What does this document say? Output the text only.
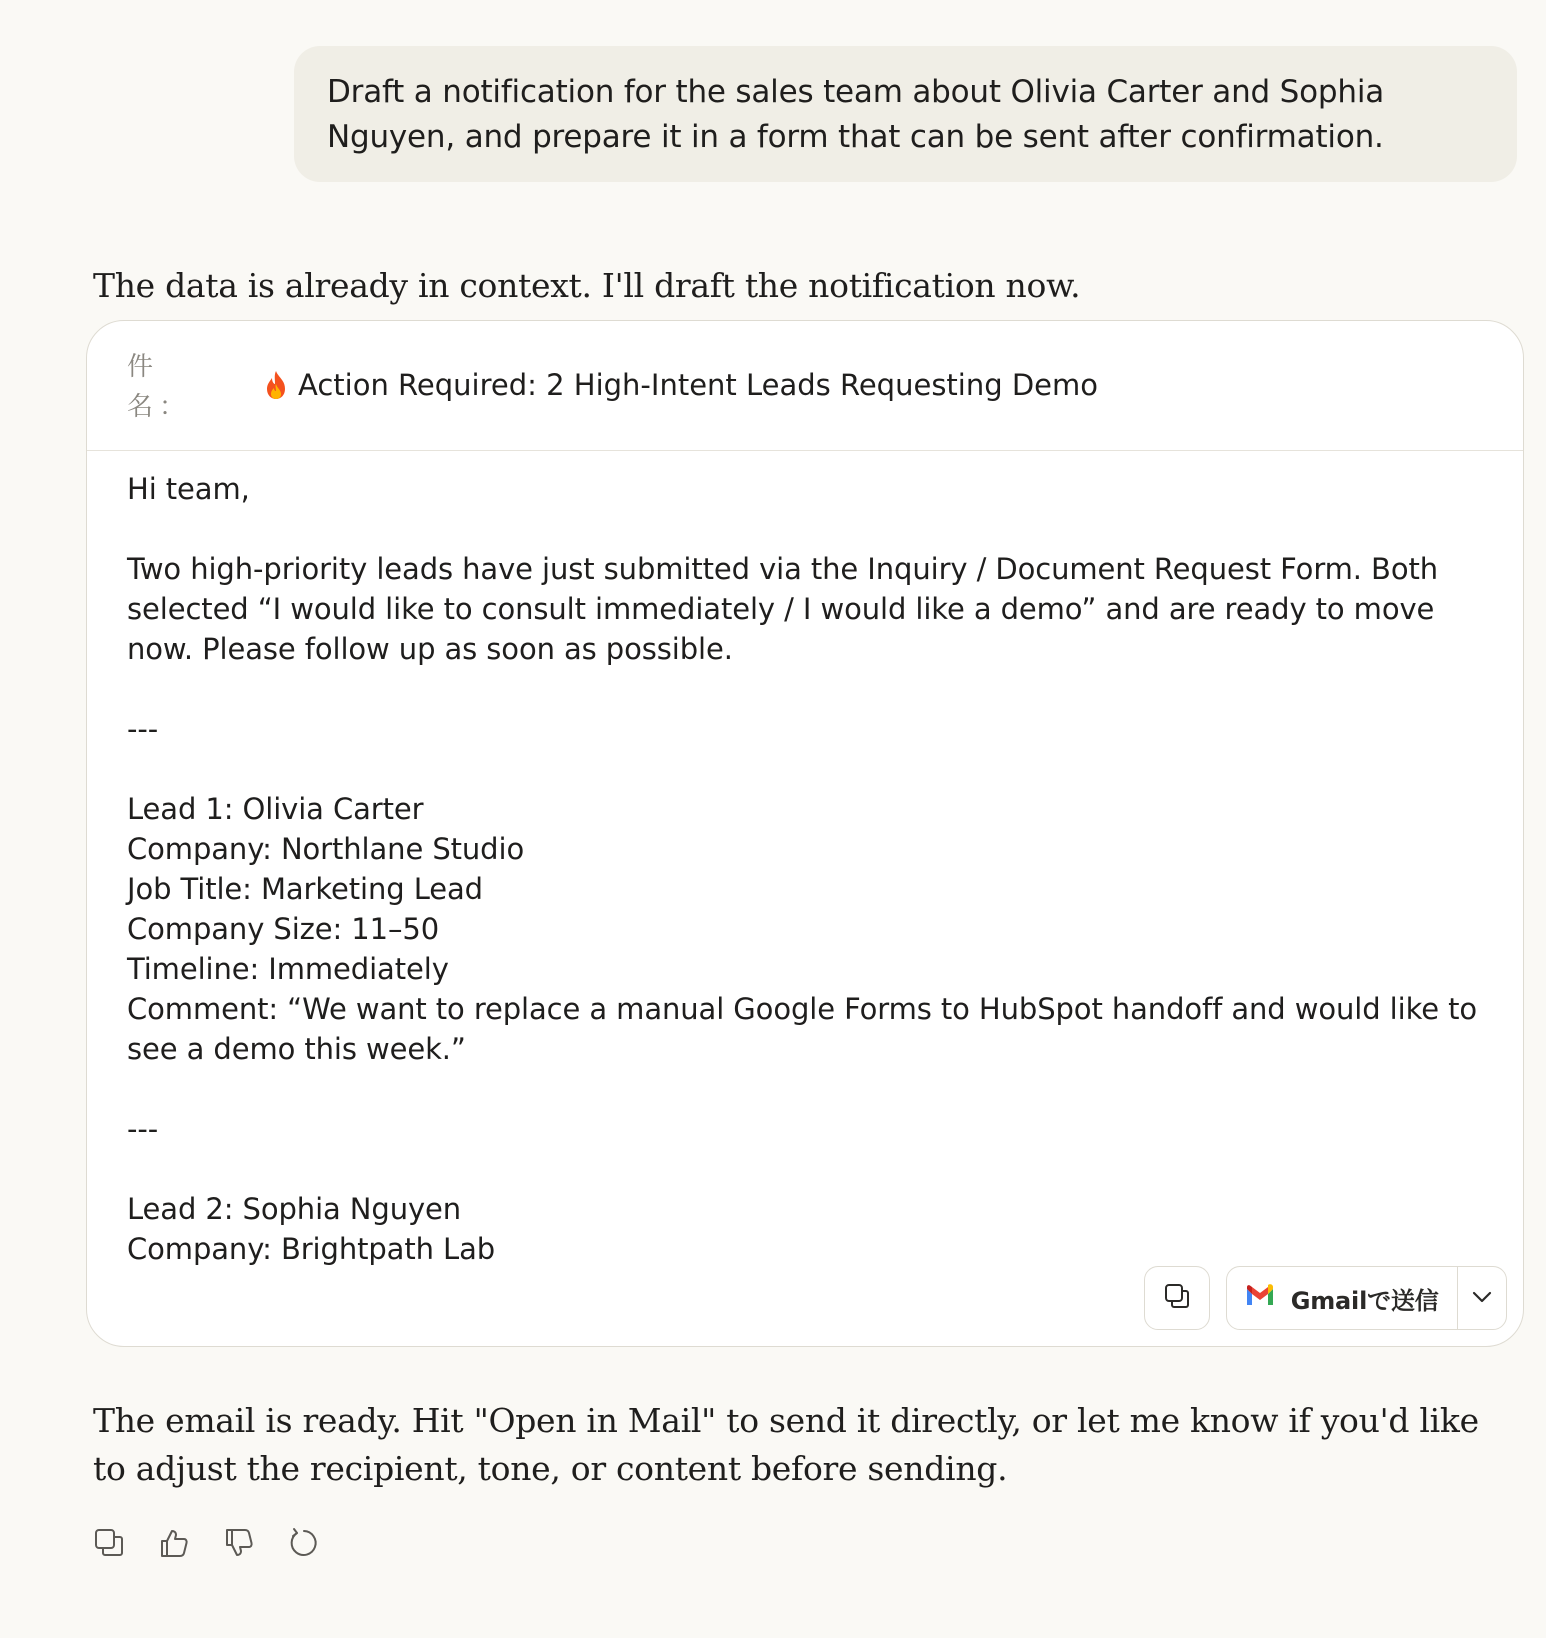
Draft a notification for the sales team about Olivia Carter and Sophia Nguyen, and prepare it in a form that can be sent after confirmation.
The data is already in context. I'll draft the notification now.
件名：
Action Required: 2 High-Intent Leads Requesting Demo
Hi team,

Two high-priority leads have just submitted via the Inquiry / Document Request Form. Both selected “I would like to consult immediately / I would like a demo” and are ready to move now. Please follow up as soon as possible.

---

Lead 1: Olivia Carter
Company: Northlane Studio
Job Title: Marketing Lead
Company Size: 11–50
Timeline: Immediately
Comment: “We want to replace a manual Google Forms to HubSpot handoff and would like to see a demo this week.”

---

Lead 2: Sophia Nguyen
Company: Brightpath Lab
Gmailで送信
The email is ready. Hit "Open in Mail" to send it directly, or let me know if you'd like to adjust the recipient, tone, or content before sending.
